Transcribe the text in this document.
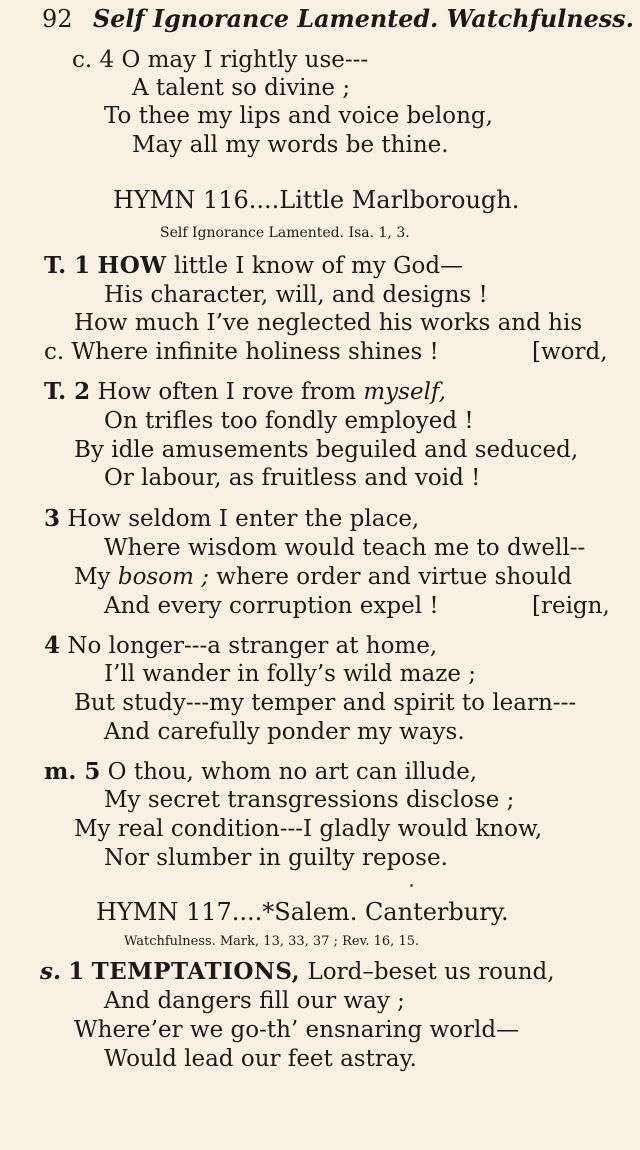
92 Self Ignorance Lamented. Watchfulness.
c. 4 O may I rightly use---
A talent so divine ;
To thee my lips and voice belong,
May all my words be thine.
HYMN 116....Little Marlborough.
Self Ignorance Lamented. Isa. 1, 3.
T. 1 HOW little I know of my God—
His character, will, and designs !
How much I’ve neglected his works and his
c. Where infinite holiness shines !	[word,
T. 2 How often I rove from myself,
On trifles too fondly employed !
By idle amusements beguiled and seduced,
Or labour, as fruitless and void !
3 How seldom I enter the place,
Where wisdom would teach me to dwell--
My bosom ; where order and virtue should
And every corruption expel !	[reign,
4 No longer---a stranger at home,
I’ll wander in folly’s wild maze ;
But study---my temper and spirit to learn---
And carefully ponder my ways.
m. 5 O thou, whom no art can illude,
My secret transgressions disclose ;
My real condition---I gladly would know,
Nor slumber in guilty repose.
HYMN 117....*Salem. Canterbury.
Watchfulness. Mark, 13, 33, 37 ; Rev. 16, 15.
s. 1 TEMPTATIONS, Lord–beset us round,
And dangers fill our way ;
Where’er we go-th’ ensnaring world—
Would lead our feet astray.
